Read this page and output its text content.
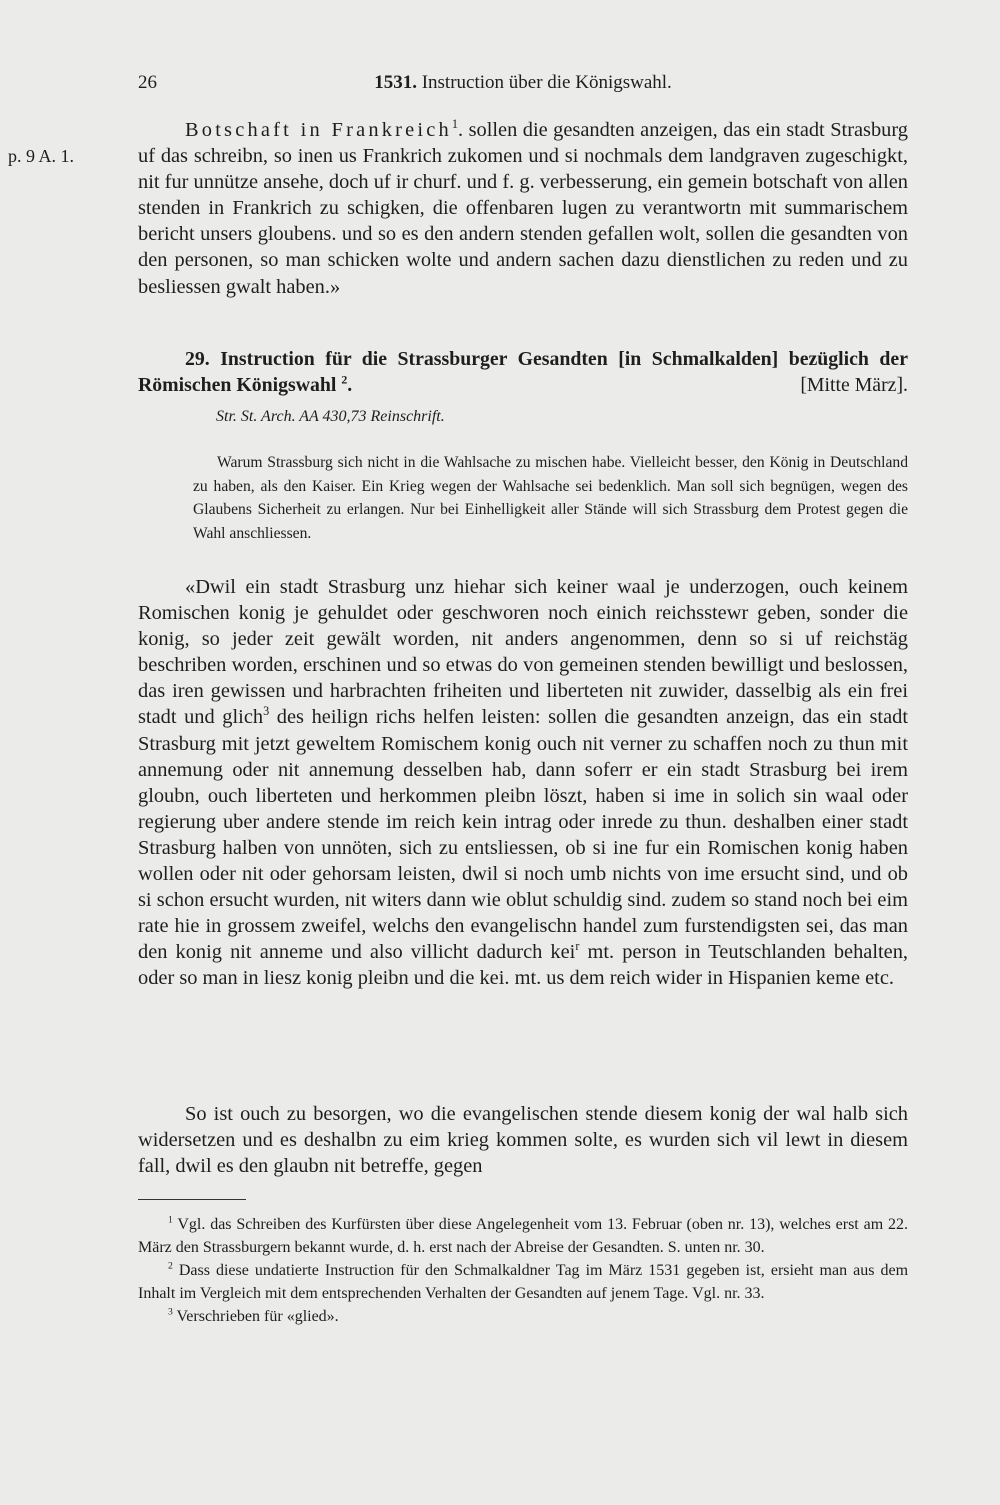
26	1531. Instruction über die Königswahl.
p. 9 A. 1.
Botschaft in Frankreich$^1$. sollen die gesandten anzeigen, das ein stadt Strasburg uf das schreibn, so inen us Frankrich zukomen und si nochmals dem landgraven zugeschigkt, nit fur unnütze ansehe, doch uf ir churf. und f. g. verbesserung, ein gemein botschaft von allen stenden in Frankrich zu schigken, die offenbaren lugen zu verantwortn mit summarischem bericht unsers gloubens. und so es den andern stenden gefallen wolt, sollen die gesandten von den personen, so man schicken wolte und andern sachen dazu dienstlichen zu reden und zu besliessen gwalt haben.»
29. Instruction für die Strassburger Gesandten [in Schmalkalden] bezüglich der Römischen Königswahl $^2$.	[Mitte März].
Str. St. Arch. AA 430,73 Reinschrift.
Warum Strassburg sich nicht in die Wahlsache zu mischen habe. Vielleicht besser, den König in Deutschland zu haben, als den Kaiser. Ein Krieg wegen der Wahlsache sei bedenklich. Man soll sich begnügen, wegen des Glaubens Sicherheit zu erlangen. Nur bei Einhelligkeit aller Stände will sich Strassburg dem Protest gegen die Wahl anschliessen.
«Dwil ein stadt Strasburg unz hiehar sich keiner waal je underzogen, ouch keinem Romischen konig je gehuldet oder geschworen noch einich reichsstewr geben, sonder die konig, so jeder zeit gewält worden, nit anders angenommen, denn so si uf reichstäg beschriben worden, erschinen und so etwas do von gemeinen stenden bewilligt und beslossen, das iren gewissen und harbrachten friheiten und liberteten nit zuwider, dasselbig als ein frei stadt und glich$^3$ des heilign richs helfen leisten: sollen die gesandten anzeign, das ein stadt Strasburg mit jetzt geweltem Romischem konig ouch nit verner zu schaffen noch zu thun mit annemung oder nit annemung desselben hab, dann soferr er ein stadt Strasburg bei irem gloubn, ouch liberteten und herkommen pleibn löszt, haben si ime in solich sin waal oder regierung uber andere stende im reich kein intrag oder inrede zu thun. deshalben einer stadt Strasburg halben von unnöten, sich zu entsliessen, ob si ine fur ein Romischen konig haben wollen oder nit oder gehorsam leisten, dwil si noch umb nichts von ime ersucht sind, und ob si schon ersucht wurden, nit witers dann wie oblut schuldig sind. zudem so stand noch bei eim rate hie in grossem zweifel, welchs den evangelischn handel zum furstendigsten sei, das man den konig nit anneme und also villicht dadurch kei$^r$ mt. person in Teutschlanden behalten, oder so man in liesz konig pleibn und die kei. mt. us dem reich wider in Hispanien keme etc.
So ist ouch zu besorgen, wo die evangelischen stende diesem konig der wal halb sich widersetzen und es deshalbn zu eim krieg kommen solte, es wurden sich vil lewt in diesem fall, dwil es den glaubn nit betreffe, gegen

$^1$ Vgl. das Schreiben des Kurfürsten über diese Angelegenheit vom 13. Februar (oben nr. 13), welches erst am 22. März den Strassburgern bekannt wurde, d. h. erst nach der Abreise der Gesandten. S. unten nr. 30.

$^2$ Dass diese undatierte Instruction für den Schmalkaldner Tag im März 1531 gegeben ist, ersieht man aus dem Inhalt im Vergleich mit dem entsprechenden Verhalten der Gesandten auf jenem Tage. Vgl. nr. 33.

$^3$ Verschrieben für «glied».
